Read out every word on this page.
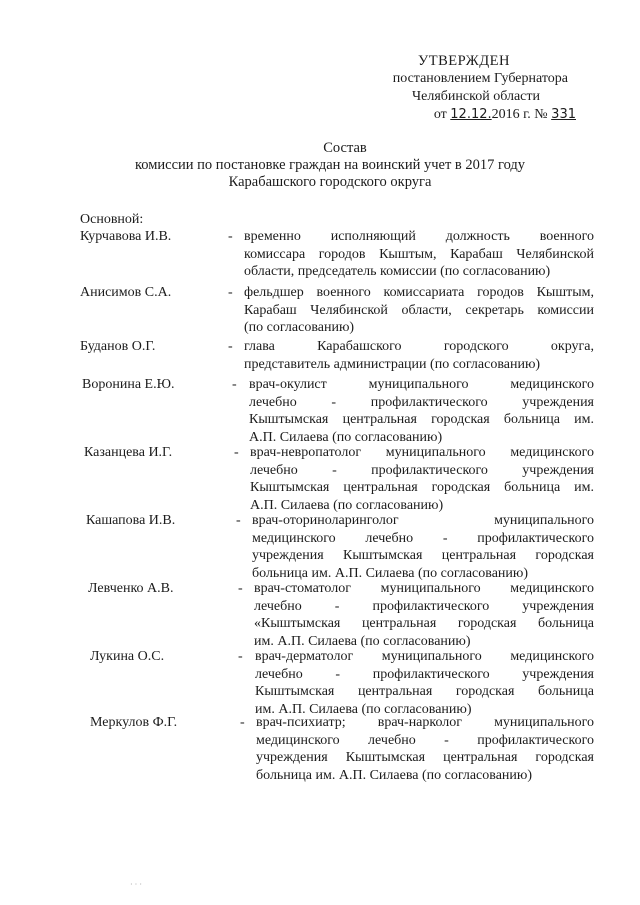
УТВЕРЖДЕН
постановлением Губернатора
Челябинской области
от 12.12.2016 г. № 331
Состав
комиссии по постановке граждан на воинский учет в 2017 году
Карабашского городского округа
Основной:
Курчавова И.В.	- временно исполняющий должность военного
комиссара городов Кыштым, Карабаш Челябинской
области, председатель комиссии (по согласованию)
Анисимов С.А.	- фельдшер военного комиссариата городов Кыштым,
Карабаш Челябинской области, секретарь комиссии
(по согласованию)
Буданов О.Г.	- глава Карабашского городского округа,
представитель администрации (по согласованию)
Воронина Е.Ю.	- врач-окулист муниципального медицинского
лечебно - профилактического учреждения
Кыштымская центральная городская больница им.
А.П. Силаева (по согласованию)
Казанцева И.Г.	- врач-невропатолог муниципального медицинского
лечебно - профилактического учреждения
Кыштымская центральная городская больница им.
А.П. Силаева (по согласованию)
Кашапова И.В.	- врач-оториноларинголог муниципального
медицинского лечебно - профилактического
учреждения Кыштымская центральная городская
больница им. А.П. Силаева (по согласованию)
Левченко А.В.	- врач-стоматолог муниципального медицинского
лечебно - профилактического учреждения
«Кыштымская центральная городская больница
им. А.П. Силаева (по согласованию)
Лукина О.С.	- врач-дерматолог муниципального медицинского
лечебно - профилактического учреждения
Кыштымская центральная городская больница
им. А.П. Силаева (по согласованию)
Меркулов Ф.Г.	- врач-психиатр; врач-нарколог муниципального
медицинского лечебно - профилактического
учреждения Кыштымская центральная городская
больница им. А.П. Силаева (по согласованию)
· · ·
